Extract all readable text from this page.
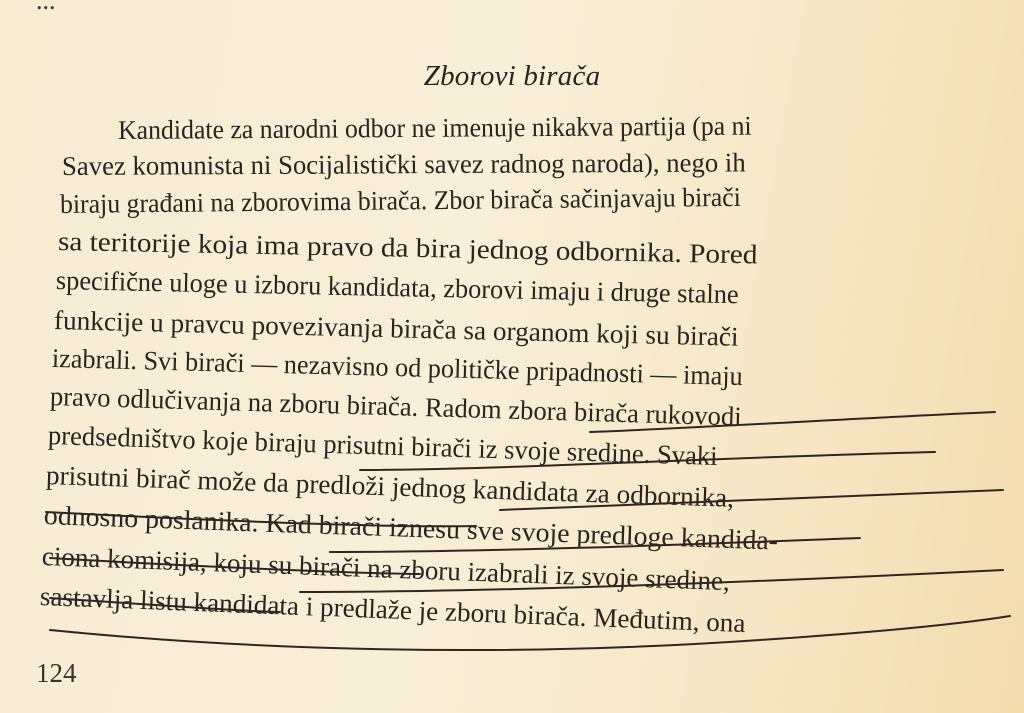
...
Zborovi birača
Kandidate za narodni odbor ne imenuje nikakva partija (pa ni
Savez komunista ni Socijalistički savez radnog naroda), nego ih
biraju građani na zborovima birača. Zbor birača sačinjavaju birači
sa teritorije koja ima pravo da bira jednog odbornika. Pored
specifične uloge u izboru kandidata, zborovi imaju i druge stalne
funkcije u pravcu povezivanja birača sa organom koji su birači
izabrali. Svi birači — nezavisno od političke pripadnosti — imaju
pravo odlučivanja na zboru birača. Radom zbora birača rukovodi
predsedništvo koje biraju prisutni birači iz svoje sredine. Svaki
prisutni birač može da predloži jednog kandidata za odbornika,
odnosno poslanika. Kad birači iznesu sve svoje predloge kandida-
ciona komisija, koju su birači na zboru izabrali iz svoje sredine,
sastavlja listu kandidata i predlaže je zboru birača. Međutim, ona
124
